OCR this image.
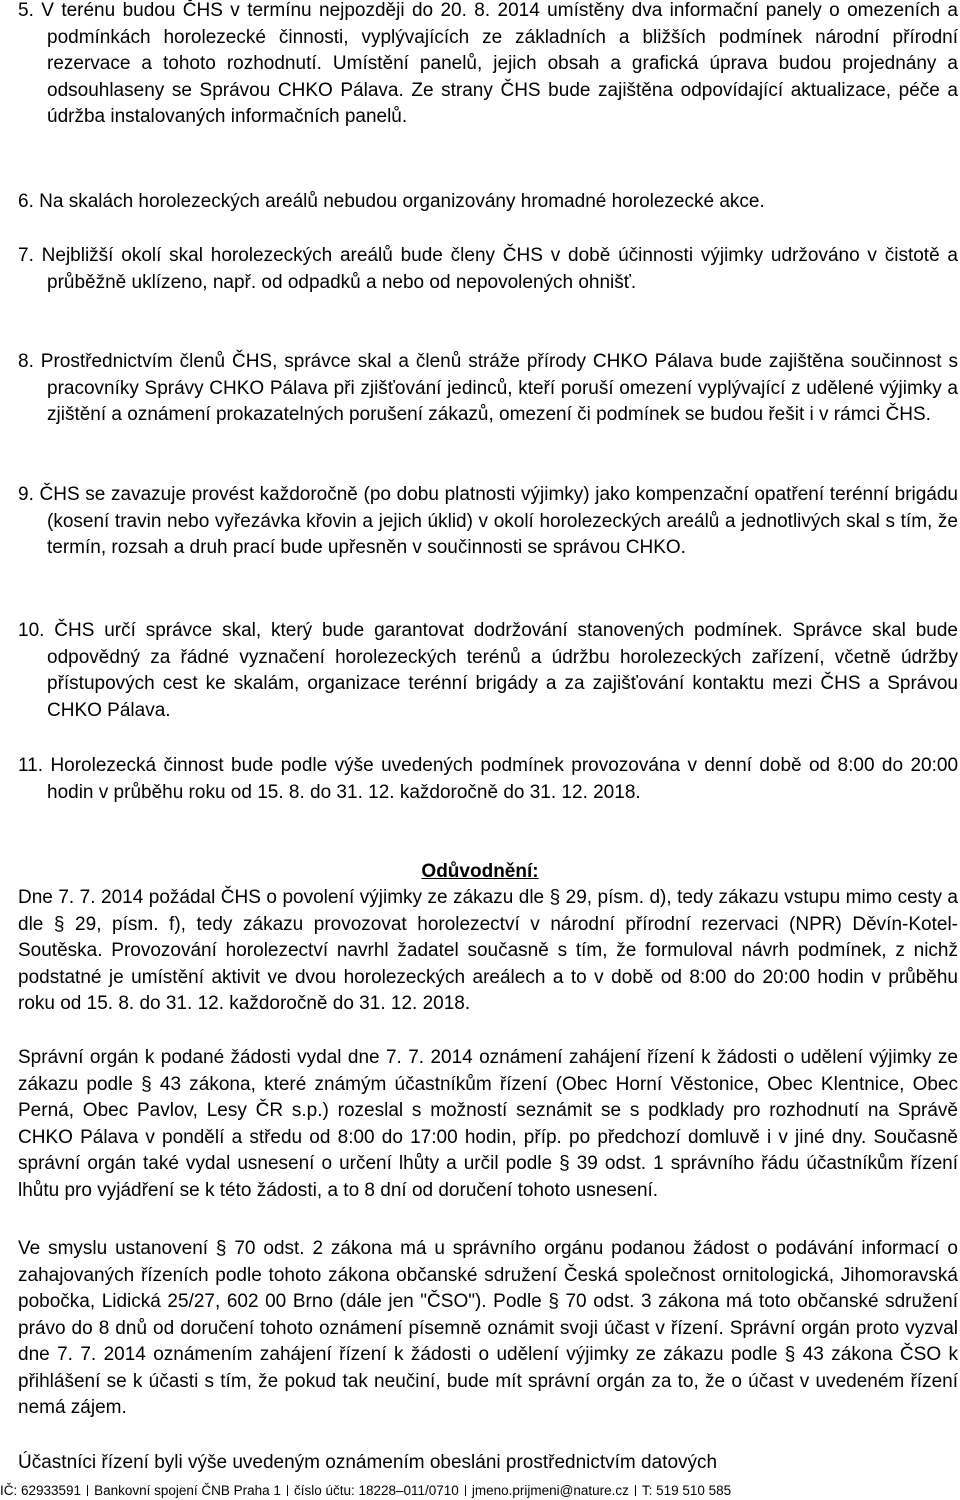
5. V terénu budou ČHS v termínu nejpozději do 20. 8. 2014 umístěny dva informační panely o omezeních a podmínkách horolezecké činnosti, vyplývajících ze základních a bližších podmínek národní přírodní rezervace a tohoto rozhodnutí. Umístění panelů, jejich obsah a grafická úprava budou projednány a odsouhlaseny se Správou CHKO Pálava. Ze strany ČHS bude zajištěna odpovídající aktualizace, péče a údržba instalovaných informačních panelů.
6. Na skalách horolezeckých areálů nebudou organizovány hromadné horolezecké akce.
7. Nejbližší okolí skal horolezeckých areálů bude členy ČHS v době účinnosti výjimky udržováno v čistotě a průběžně uklízeno, např. od odpadků a nebo od nepovolených ohnišť.
8. Prostřednictvím členů ČHS, správce skal a členů stráže přírody CHKO Pálava bude zajištěna součinnost s pracovníky Správy CHKO Pálava při zjišťování jedinců, kteří poruší omezení vyplývající z udělené výjimky a zjištění a oznámení prokazatelných porušení zákazů, omezení či podmínek se budou řešit i v rámci ČHS.
9. ČHS se zavazuje provést každoročně (po dobu platnosti výjimky) jako kompenzační opatření terénní brigádu (kosení travin nebo vyřezávka křovin a jejich úklid) v okolí horolezeckých areálů a jednotlivých skal s tím, že termín, rozsah a druh prací bude upřesněn v součinnosti se správou CHKO.
10. ČHS určí správce skal, který bude garantovat dodržování stanovených podmínek. Správce skal bude odpovědný za řádné vyznačení horolezeckých terénů a údržbu horolezeckých zařízení, včetně údržby přístupových cest ke skalám, organizace terénní brigády a za zajišťování kontaktu mezi ČHS a Správou CHKO Pálava.
11. Horolezecká činnost bude podle výše uvedených podmínek provozována v denní době od 8:00 do 20:00 hodin v průběhu roku od 15. 8. do 31. 12. každoročně do 31. 12. 2018.
Odůvodnění:
Dne 7. 7. 2014 požádal ČHS o povolení výjimky ze zákazu dle § 29, písm. d), tedy zákazu vstupu mimo cesty a dle § 29, písm. f), tedy zákazu provozovat horolezectví v národní přírodní rezervaci (NPR) Děvín-Kotel-Soutěska. Provozování horolezectví navrhl žadatel současně s tím, že formuloval návrh podmínek, z nichž podstatné je umístění aktivit ve dvou horolezeckých areálech a to v době od 8:00 do 20:00 hodin v průběhu roku od 15. 8. do 31. 12. každoročně do 31. 12. 2018.
Správní orgán k podané žádosti vydal dne 7. 7. 2014 oznámení zahájení řízení k žádosti o udělení výjimky ze zákazu podle § 43 zákona, které známým účastníkům řízení (Obec Horní Věstonice, Obec Klentnice, Obec Perná, Obec Pavlov, Lesy ČR s.p.) rozeslal s možností seznámit se s podklady pro rozhodnutí na Správě CHKO Pálava v pondělí a středu od 8:00 do 17:00 hodin, příp. po předchozí domluvě i v jiné dny. Současně správní orgán také vydal usnesení o určení lhůty a určil podle § 39 odst. 1 správního řádu účastníkům řízení lhůtu pro vyjádření se k této žádosti, a to 8 dní od doručení tohoto usnesení.
Ve smyslu ustanovení § 70 odst. 2 zákona má u správního orgánu podanou žádost o podávání informací o zahajovaných řízeních podle tohoto zákona občanské sdružení Česká společnost ornitologická, Jihomoravská pobočka, Lidická 25/27, 602 00 Brno (dále jen "ČSO"). Podle § 70 odst. 3 zákona má toto občanské sdružení právo do 8 dnů od doručení tohoto oznámení písemně oznámit svoji účast v řízení. Správní orgán proto vyzval dne 7. 7. 2014 oznámením zahájení řízení k žádosti o udělení výjimky ze zákazu podle § 43 zákona ČSO k přihlášení se k účasti s tím, že pokud tak neučiní, bude mít správní orgán za to, že o účast v uvedeném řízení nemá zájem.
Účastníci řízení byli výše uvedeným oznámením obesláni prostřednictvím datových
IČ: 62933591 Bankovní spojení ČNB Praha 1 číslo účtu: 18228–011/0710 jmeno.prijmeni@nature.cz T: 519 510 585
